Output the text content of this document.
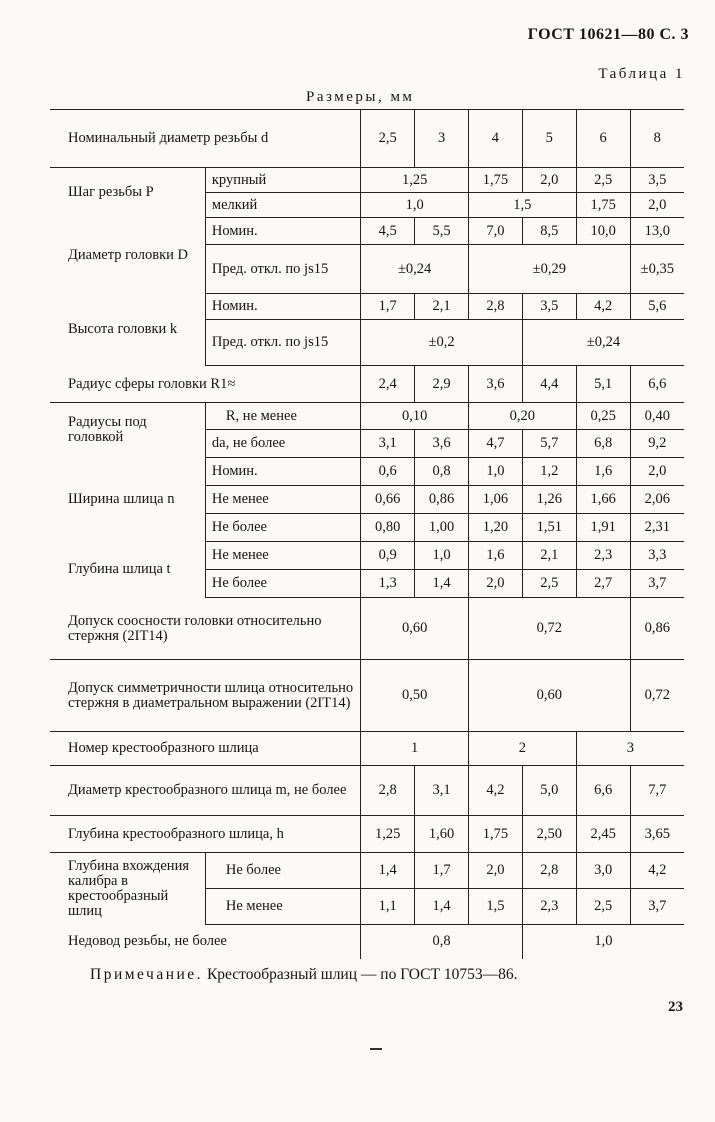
ГОСТ 10621—80 С. 3
Таблица 1
Размеры, мм
Номинальный диаметр резьбы d		2,5	3	4	5	6	8
Шаг резьбы P	крупный	1,25		1,75	2,0	2,5	3,5
	мелкий	1,0		1,5		1,75	2,0
Диаметр головки D	Номин.	4,5	5,5	7,0	8,5	10,0	13,0
	Пред. откл. по js15	±0,24		±0,29			±0,35
Высота головки k	Номин.	1,7	2,1	2,8	3,5	4,2	5,6
	Пред. откл. по js15	±0,2			±0,24		
Радиус сферы головки R1≈		2,4	2,9	3,6	4,4	5,1	6,6
Радиусы под головкой	R, не менее	0,10		0,20		0,25	0,40
	da, не более	3,1	3,6	4,7	5,7	6,8	9,2
Ширина шлица n	Номин.	0,6	0,8	1,0	1,2	1,6	2,0
	Не менее	0,66	0,86	1,06	1,26	1,66	2,06
	Не более	0,80	1,00	1,20	1,51	1,91	2,31
Глубина шлица t	Не менее	0,9	1,0	1,6	2,1	2,3	3,3
	Не более	1,3	1,4	2,0	2,5	2,7	3,7
Допуск соосности головки относительно стержня (2IT14)		0,60		0,72			0,86
Допуск симметричности шлица относительно стержня в диаметральном выражении (2IT14)		0,50		0,60			0,72
Номер крестообразного шлица		1		2		3	
Диаметр крестообразного шлица m, не более		2,8	3,1	4,2	5,0	6,6	7,7
Глубина крестообразного шлица, h		1,25	1,60	1,75	2,50	2,45	3,65
Глубина вхождения калибра в крестообразный шлиц	Не более	1,4	1,7	2,0	2,8	3,0	4,2
	Не менее	1,1	1,4	1,5	2,3	2,5	3,7
Недовод резьбы, не более		0,8			1,0		
Примечание. Крестообразный шлиц — по ГОСТ 10753—86.
23
